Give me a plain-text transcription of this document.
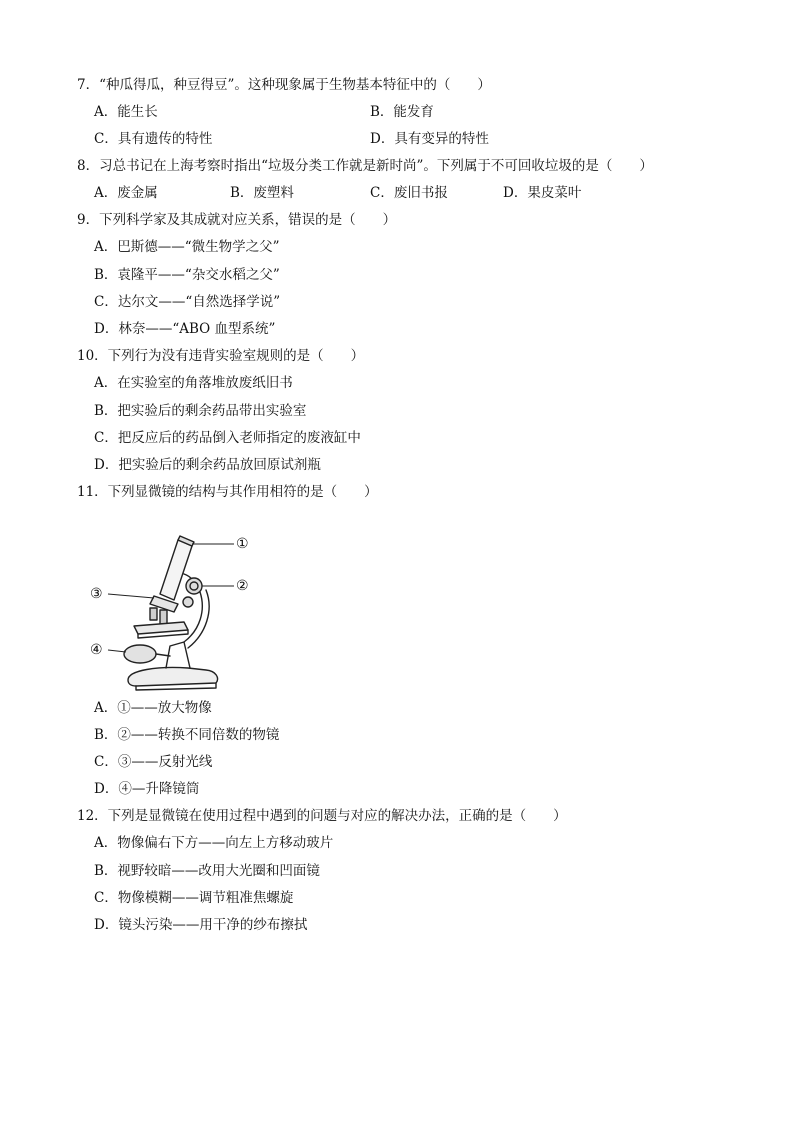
7．“种瓜得瓜，种豆得豆”。这种现象属于生物基本特征中的（　　）
A．能生长	B．能发育
C．具有遗传的特性	D．具有变异的特性
8．习总书记在上海考察时指出“垃圾分类工作就是新时尚”。下列属于不可回收垃圾的是（　　）
A．废金属	B．废塑料	C．废旧书报	D．果皮菜叶
9．下列科学家及其成就对应关系，错误的是（　　）
A．巴斯德——“微生物学之父”
B．袁隆平——“杂交水稻之父”
C．达尔文——“自然选择学说”
D．林奈——“ABO 血型系统”
10．下列行为没有违背实验室规则的是（　　）
A．在实验室的角落堆放废纸旧书
B．把实验后的剩余药品带出实验室
C．把反应后的药品倒入老师指定的废液缸中
D．把实验后的剩余药品放回原试剂瓶
11．下列显微镜的结构与其作用相符的是（　　）
①
②
③
④
A．①——放大物像
B．②——转换不同倍数的物镜
C．③——反射光线
D．④—升降镜筒
12．下列是显微镜在使用过程中遇到的问题与对应的解决办法，正确的是（　　）
A．物像偏右下方——向左上方移动玻片
B．视野较暗——改用大光圈和凹面镜
C．物像模糊——调节粗准焦螺旋
D．镜头污染——用干净的纱布擦拭
